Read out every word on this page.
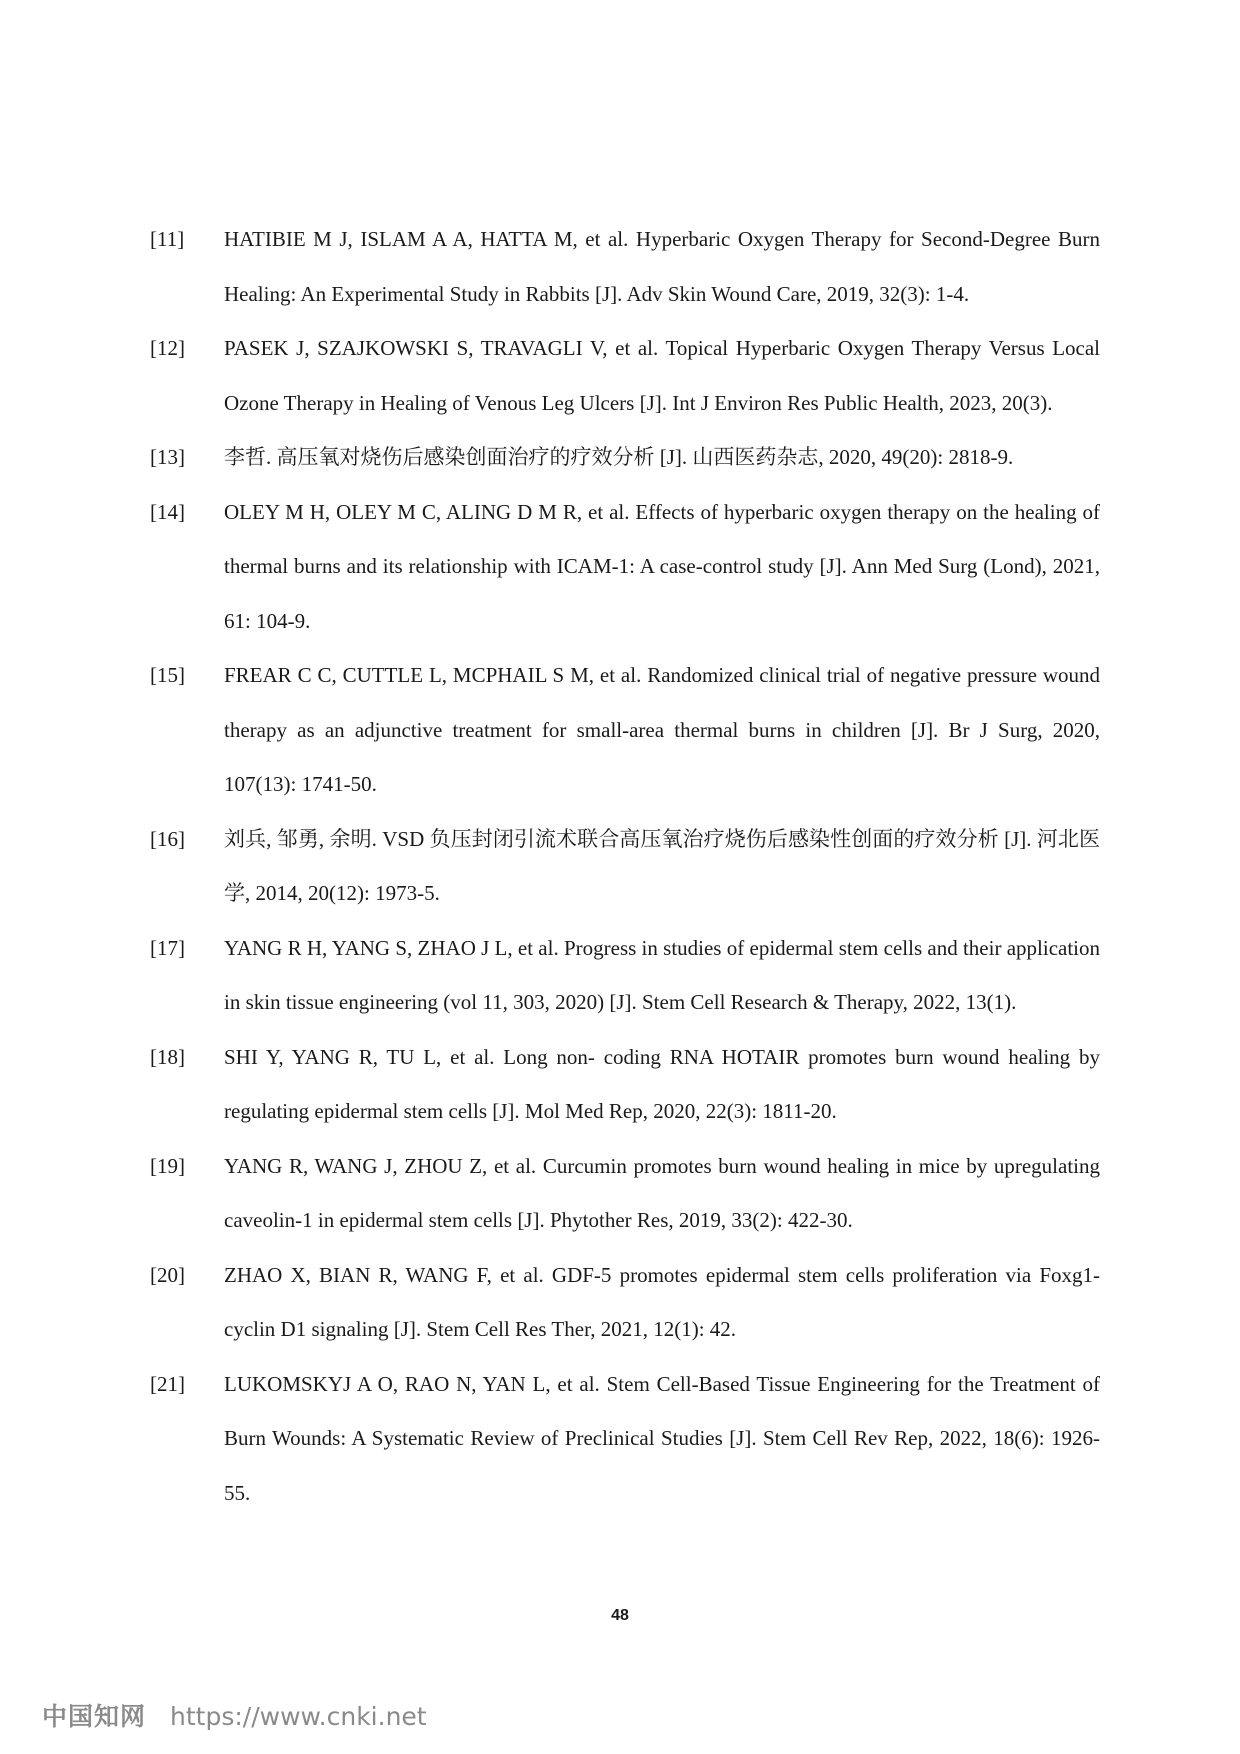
[11] HATIBIE M J, ISLAM A A, HATTA M, et al. Hyperbaric Oxygen Therapy for Second-Degree Burn Healing: An Experimental Study in Rabbits [J]. Adv Skin Wound Care, 2019, 32(3): 1-4.
[12] PASEK J, SZAJKOWSKI S, TRAVAGLI V, et al. Topical Hyperbaric Oxygen Therapy Versus Local Ozone Therapy in Healing of Venous Leg Ulcers [J]. Int J Environ Res Public Health, 2023, 20(3).
[13] 李哲. 高压氧对烧伤后感染创面治疗的疗效分析 [J]. 山西医药杂志, 2020, 49(20): 2818-9.
[14] OLEY M H, OLEY M C, ALING D M R, et al. Effects of hyperbaric oxygen therapy on the healing of thermal burns and its relationship with ICAM-1: A case-control study [J]. Ann Med Surg (Lond), 2021, 61: 104-9.
[15] FREAR C C, CUTTLE L, MCPHAIL S M, et al. Randomized clinical trial of negative pressure wound therapy as an adjunctive treatment for small-area thermal burns in children [J]. Br J Surg, 2020, 107(13): 1741-50.
[16] 刘兵, 邹勇, 余明. VSD 负压封闭引流术联合高压氧治疗烧伤后感染性创面的疗效分析 [J]. 河北医学, 2014, 20(12): 1973-5.
[17] YANG R H, YANG S, ZHAO J L, et al. Progress in studies of epidermal stem cells and their application in skin tissue engineering (vol 11, 303, 2020) [J]. Stem Cell Research & Therapy, 2022, 13(1).
[18] SHI Y, YANG R, TU L, et al. Long non- coding RNA HOTAIR promotes burn wound healing by regulating epidermal stem cells [J]. Mol Med Rep, 2020, 22(3): 1811-20.
[19] YANG R, WANG J, ZHOU Z, et al. Curcumin promotes burn wound healing in mice by upregulating caveolin-1 in epidermal stem cells [J]. Phytother Res, 2019, 33(2): 422-30.
[20] ZHAO X, BIAN R, WANG F, et al. GDF-5 promotes epidermal stem cells proliferation via Foxg1-cyclin D1 signaling [J]. Stem Cell Res Ther, 2021, 12(1): 42.
[21] LUKOMSKYJ A O, RAO N, YAN L, et al. Stem Cell-Based Tissue Engineering for the Treatment of Burn Wounds: A Systematic Review of Preclinical Studies [J]. Stem Cell Rev Rep, 2022, 18(6): 1926-55.
48
中国知网 https://www.cnki.net
